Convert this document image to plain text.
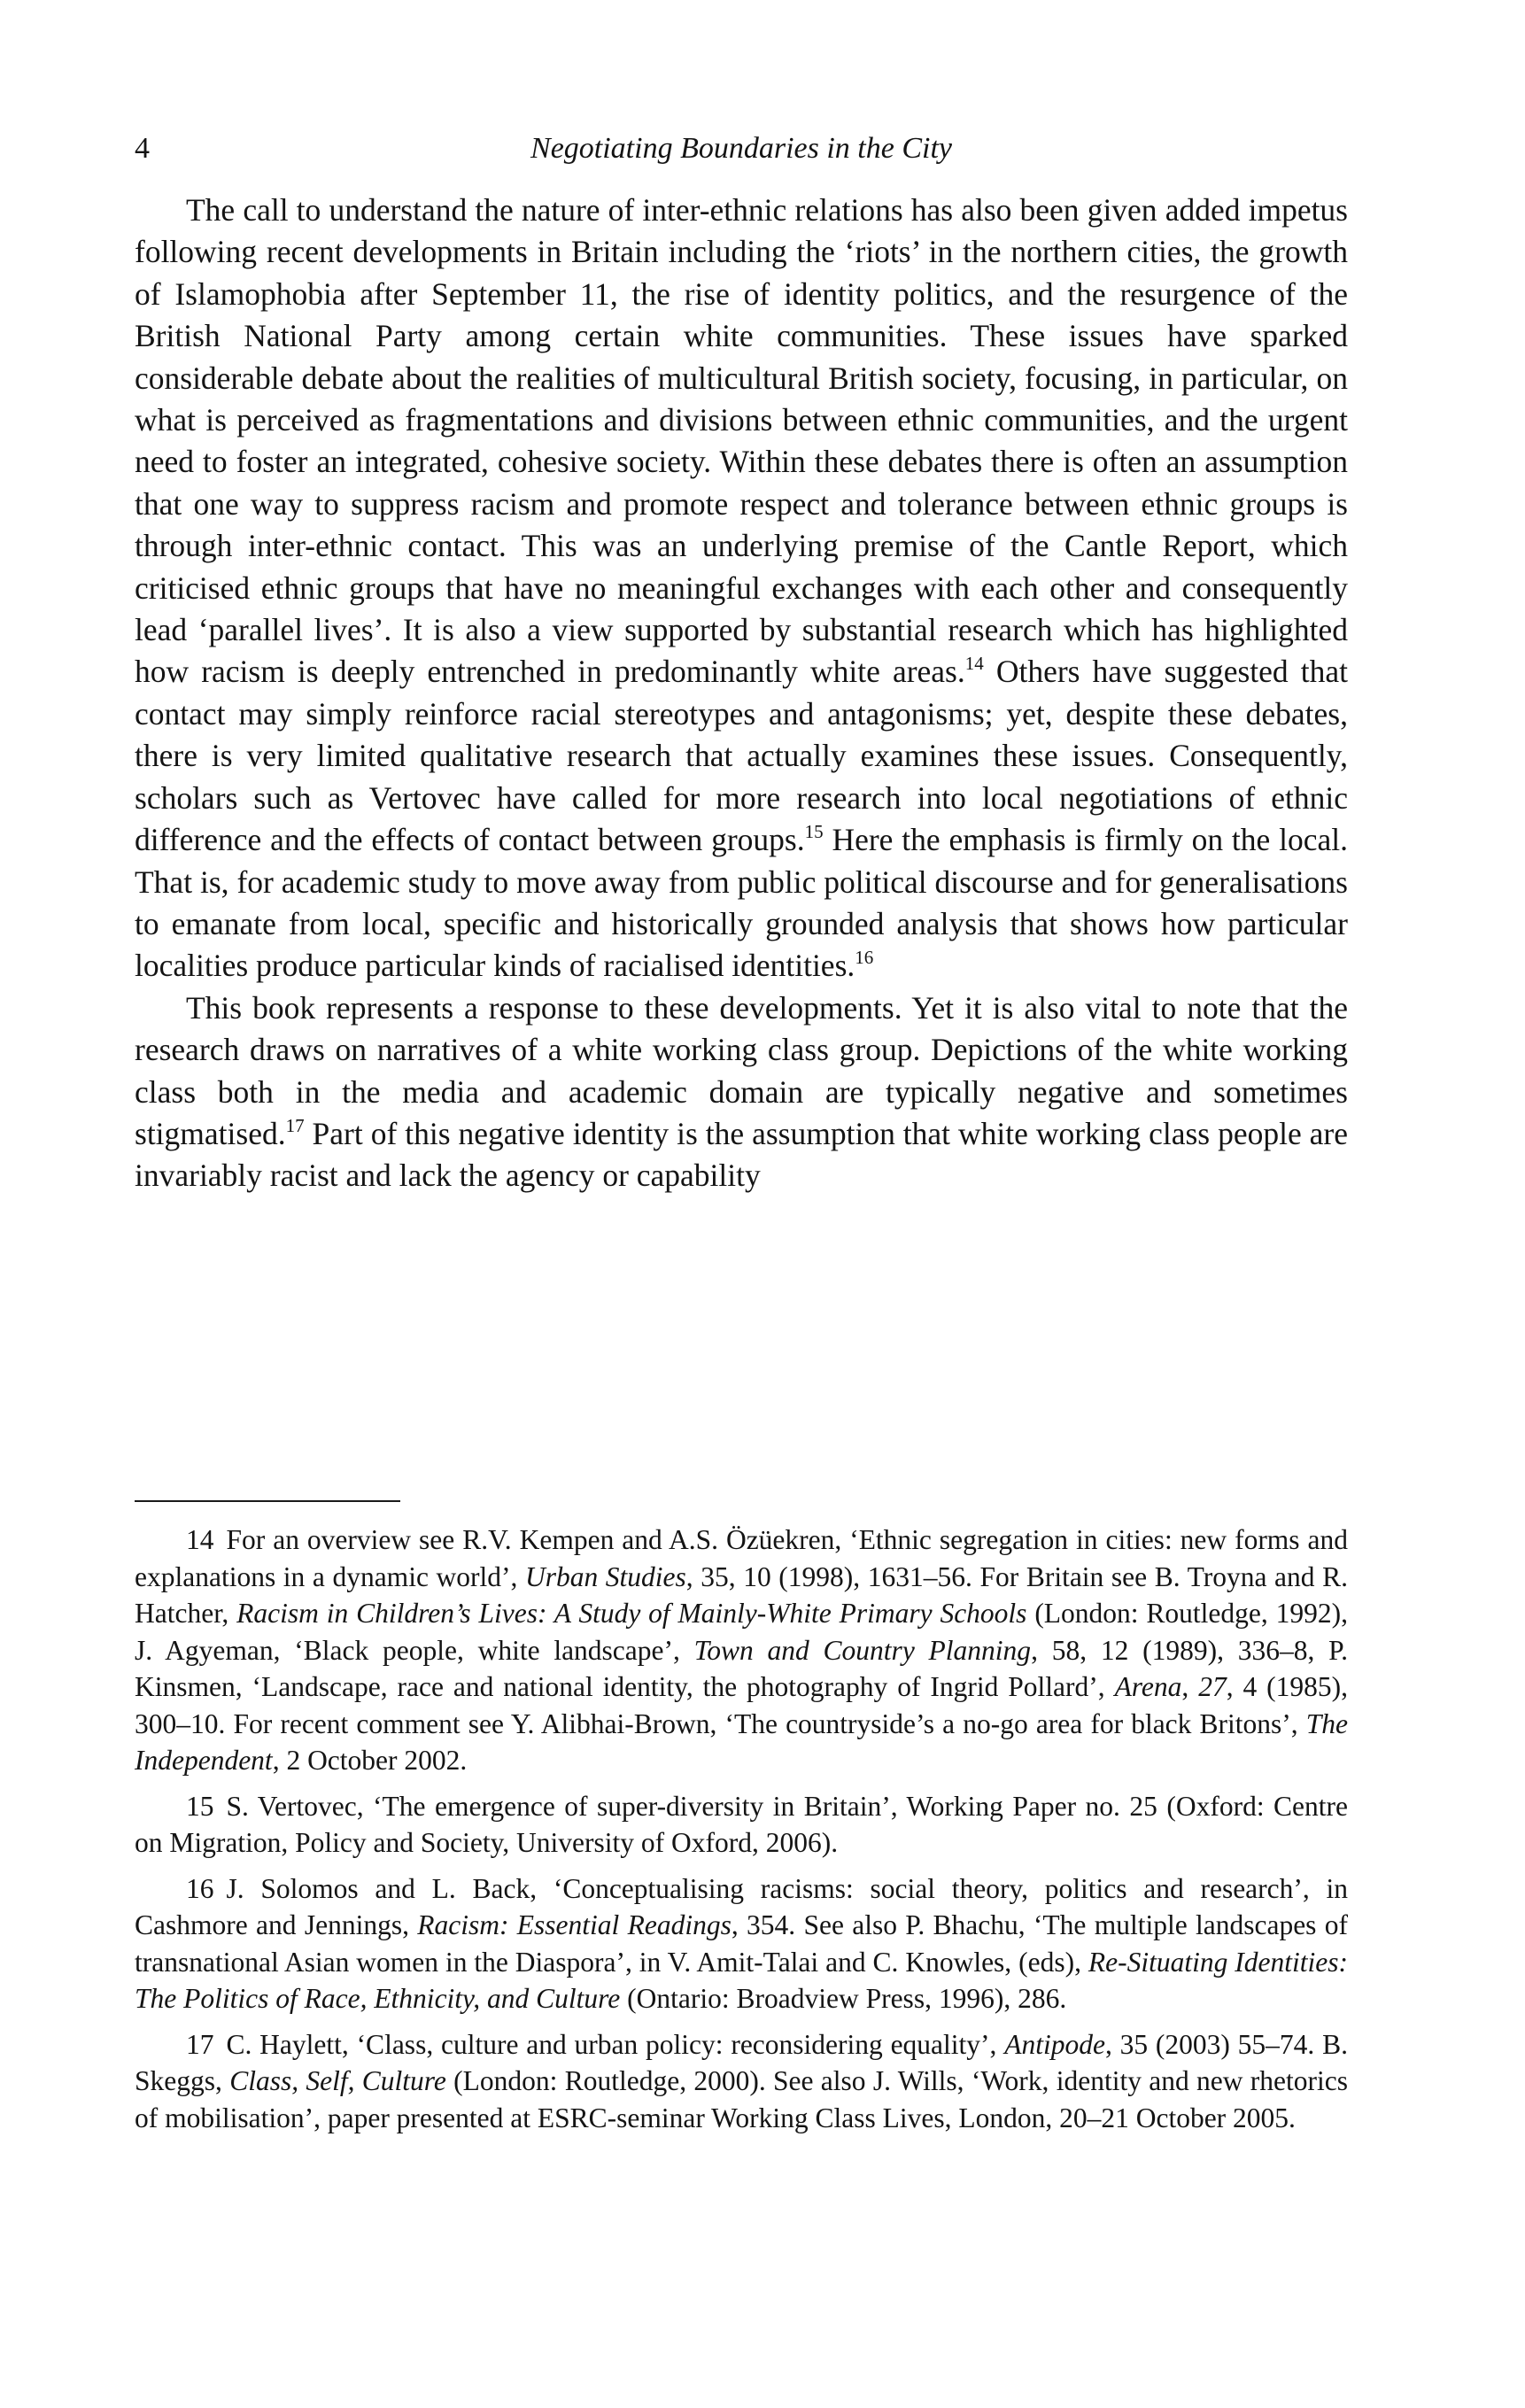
4	Negotiating Boundaries in the City

The call to understand the nature of inter-ethnic relations has also been given added impetus following recent developments in Britain including the ‘riots’ in the northern cities, the growth of Islamophobia after September 11, the rise of identity politics, and the resurgence of the British National Party among certain white communities. These issues have sparked considerable debate about the realities of multicultural British society, focusing, in particular, on what is perceived as fragmentations and divisions between ethnic communities, and the urgent need to foster an integrated, cohesive society. Within these debates there is often an assumption that one way to suppress racism and promote respect and tolerance between ethnic groups is through inter-ethnic contact. This was an underlying premise of the Cantle Report, which criticised ethnic groups that have no meaningful exchanges with each other and consequently lead ‘parallel lives’. It is also a view supported by substantial research which has highlighted how racism is deeply entrenched in predominantly white areas.$^{14}$ Others have suggested that contact may simply reinforce racial stereotypes and antagonisms; yet, despite these debates, there is very limited qualitative research that actually examines these issues. Consequently, scholars such as Vertovec have called for more research into local negotiations of ethnic difference and the effects of contact between groups.$^{15}$ Here the emphasis is firmly on the local. That is, for academic study to move away from public political discourse and for generalisations to emanate from local, specific and historically grounded analysis that shows how particular localities produce particular kinds of racialised identities.$^{16}$

This book represents a response to these developments. Yet it is also vital to note that the research draws on narratives of a white working class group. Depictions of the white working class both in the media and academic domain are typically negative and sometimes stigmatised.$^{17}$ Part of this negative identity is the assumption that white working class people are invariably racist and lack the agency or capability

14 For an overview see R.V. Kempen and A.S. Özüekren, ‘Ethnic segregation in cities: new forms and explanations in a dynamic world’, Urban Studies, 35, 10 (1998), 1631–56. For Britain see B. Troyna and R. Hatcher, Racism in Children’s Lives: A Study of Mainly-White Primary Schools (London: Routledge, 1992), J. Agyeman, ‘Black people, white landscape’, Town and Country Planning, 58, 12 (1989), 336–8, P. Kinsmen, ‘Landscape, race and national identity, the photography of Ingrid Pollard’, Arena, 27, 4 (1985), 300–10. For recent comment see Y. Alibhai-Brown, ‘The countryside’s a no-go area for black Britons’, The Independent, 2 October 2002.

15 S. Vertovec, ‘The emergence of super-diversity in Britain’, Working Paper no. 25 (Oxford: Centre on Migration, Policy and Society, University of Oxford, 2006).

16 J. Solomos and L. Back, ‘Conceptualising racisms: social theory, politics and research’, in Cashmore and Jennings, Racism: Essential Readings, 354. See also P. Bhachu, ‘The multiple landscapes of transnational Asian women in the Diaspora’, in V. Amit-Talai and C. Knowles, (eds), Re-Situating Identities: The Politics of Race, Ethnicity, and Culture (Ontario: Broadview Press, 1996), 286.

17 C. Haylett, ‘Class, culture and urban policy: reconsidering equality’, Antipode, 35 (2003) 55–74. B. Skeggs, Class, Self, Culture (London: Routledge, 2000). See also J. Wills, ‘Work, identity and new rhetorics of mobilisation’, paper presented at ESRC-seminar Working Class Lives, London, 20–21 October 2005.
